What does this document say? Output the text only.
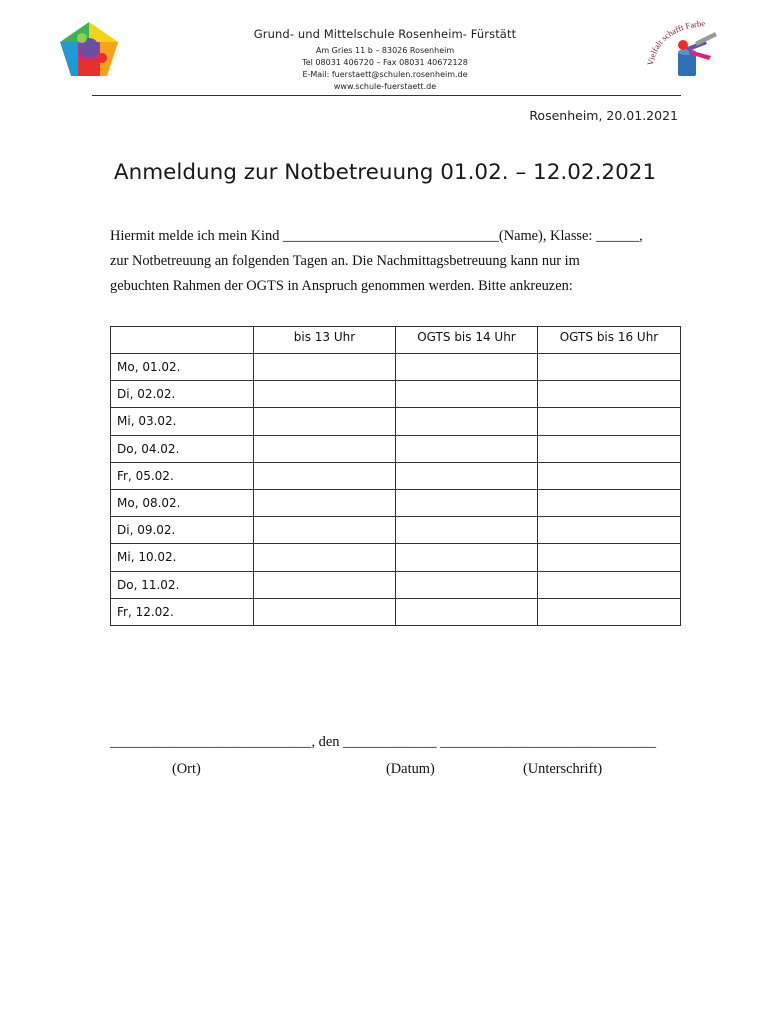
Grund- und Mittelschule Rosenheim- Fürstätt
Am Gries 11 b – 83026 Rosenheim
Tel 08031 406720 – Fax 08031 40672128
E-Mail: fuerstaett@schulen.rosenheim.de
www.schule-fuerstaett.de
Vielfalt schafft Farbe
Rosenheim, 20.01.2021
Anmeldung zur Notbetreuung 01.02. – 12.02.2021

Hiermit melde ich mein Kind ______________________________(Name), Klasse: ______,

zur Notbetreuung an folgenden Tagen an. Die Nachmittagsbetreuung kann nur im

gebuchten Rahmen der OGTS in Anspruch genommen werden. Bitte ankreuzen:

	bis 13 Uhr	OGTS bis 14 Uhr	OGTS bis 16 Uhr
Mo, 01.02.			
Di, 02.02.			
Mi, 03.02.			
Do, 04.02.			
Fr, 05.02.			
Mo, 08.02.			
Di, 09.02.			
Mi, 10.02.			
Do, 11.02.			
Fr, 12.02.			
____________________________, den _____________ ______________________________
(Ort)	(Datum)	(Unterschrift)
